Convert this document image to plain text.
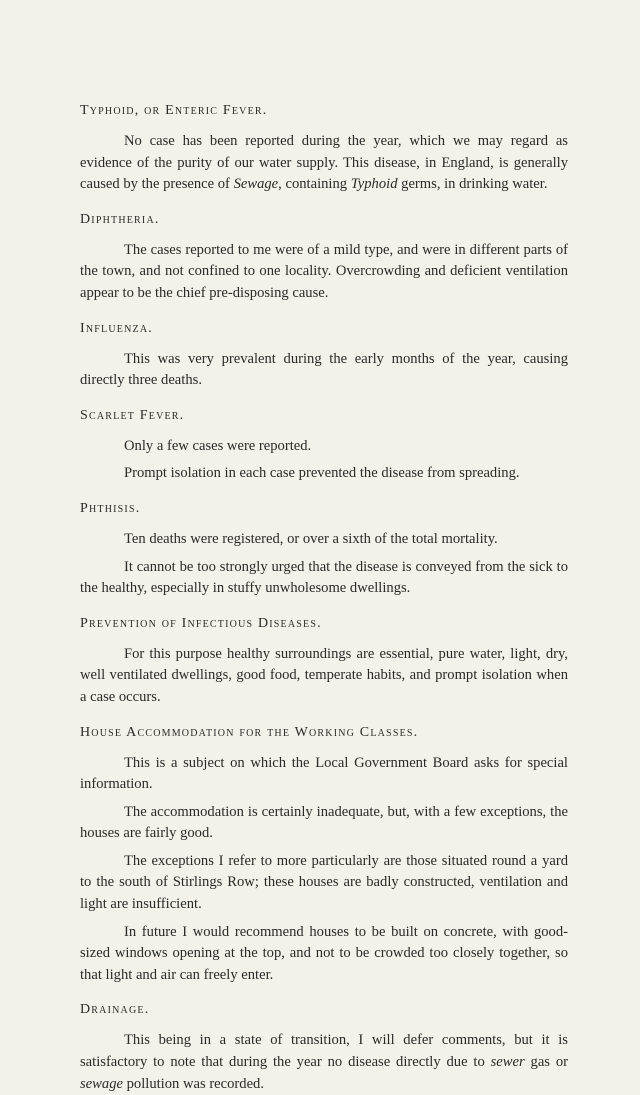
Typhoid, or Enteric Fever.

No case has been reported during the year, which we may regard as evidence of the purity of our water supply. This disease, in England, is generally caused by the presence of Sewage, containing Typhoid germs, in drinking water.

Diphtheria.

The cases reported to me were of a mild type, and were in different parts of the town, and not confined to one locality. Overcrowding and deficient ventilation appear to be the chief pre-disposing cause.

Influenza.

This was very prevalent during the early months of the year, causing directly three deaths.

Scarlet Fever.

Only a few cases were reported.

Prompt isolation in each case prevented the disease from spreading.

Phthisis.

Ten deaths were registered, or over a sixth of the total mortality.

It cannot be too strongly urged that the disease is conveyed from the sick to the healthy, especially in stuffy unwholesome dwellings.

Prevention of Infectious Diseases.

For this purpose healthy surroundings are essential, pure water, light, dry, well ventilated dwellings, good food, temperate habits, and prompt isolation when a case occurs.

House Accommodation for the Working Classes.

This is a subject on which the Local Government Board asks for special information.

The accommodation is certainly inadequate, but, with a few exceptions, the houses are fairly good.

The exceptions I refer to more particularly are those situated round a yard to the south of Stirlings Row; these houses are badly constructed, ventilation and light are insufficient.

In future I would recommend houses to be built on concrete, with good-sized windows opening at the top, and not to be crowded too closely together, so that light and air can freely enter.

Drainage.

This being in a state of transition, I will defer comments, but it is satisfactory to note that during the year no disease directly due to sewer gas or sewage pollution was recorded.
